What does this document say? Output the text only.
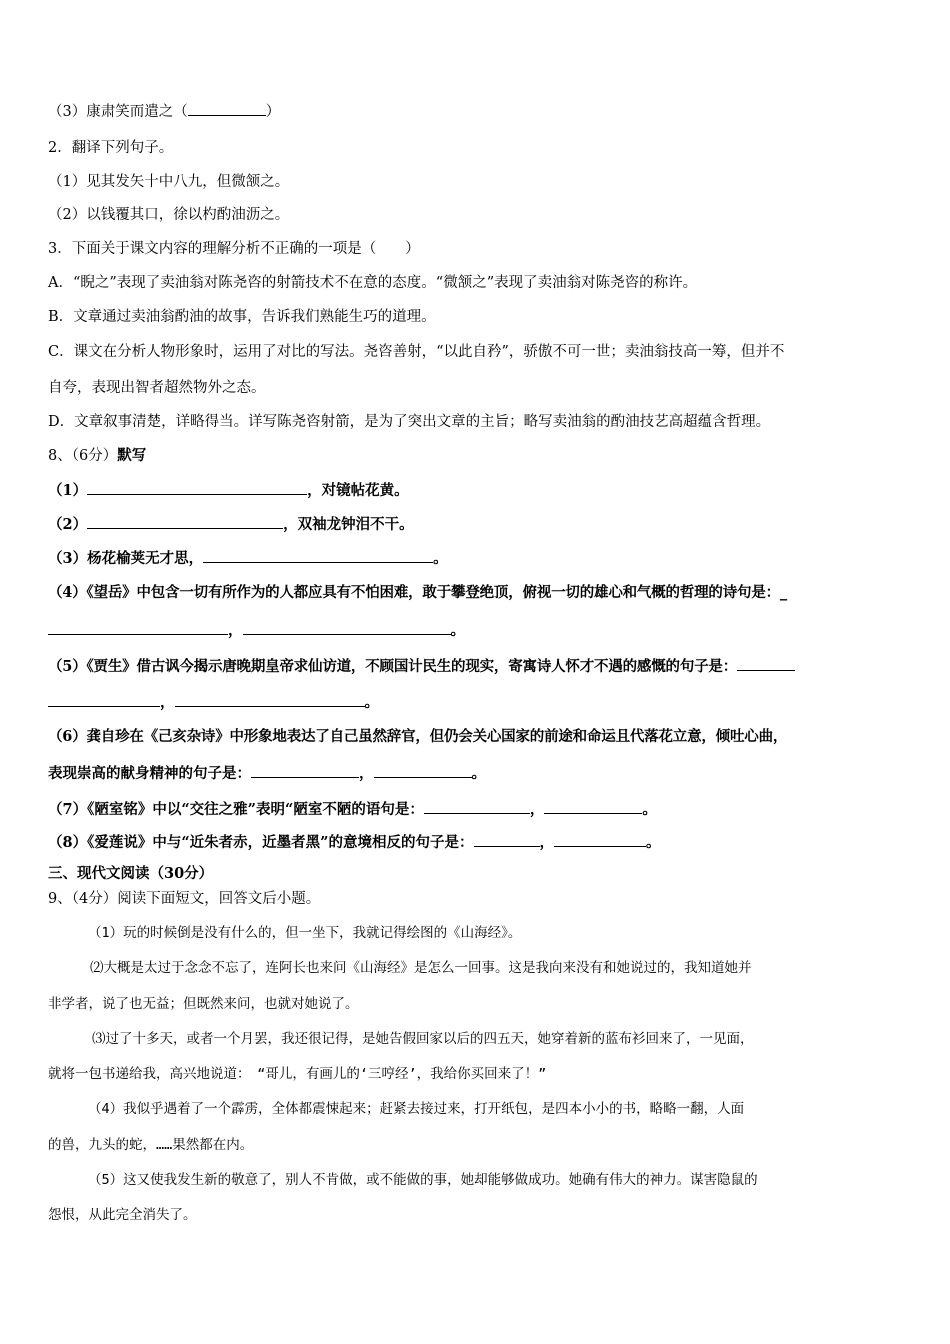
（3）康肃笑而遣之（	）
2．翻译下列句子。
（1）见其发矢十中八九，但微颔之。
（2）以钱覆其口，徐以杓酌油沥之。
3．下面关于课文内容的理解分析不正确的一项是（　　）
A．“睨之”表现了卖油翁对陈尧咨的射箭技术不在意的态度。“微颔之”表现了卖油翁对陈尧咨的称许。
B．文章通过卖油翁酌油的故事，告诉我们熟能生巧的道理。
C．课文在分析人物形象时，运用了对比的写法。尧咨善射，“以此自矜”，骄傲不可一世；卖油翁技高一筹，但并不
自夸，表现出智者超然物外之态。
D．文章叙事清楚，详略得当。详写陈尧咨射箭，是为了突出文章的主旨；略写卖油翁的酌油技艺高超蕴含哲理。
8、（6分）默写
（1）	，对镜帖花黄。
（2）	，双袖龙钟泪不干。
（3）杨花榆荚无才思，	。
（4）《望岳》中包含一切有所作为的人都应具有不怕困难，敢于攀登绝顶，俯视一切的雄心和气概的哲理的诗句是：_
，	。
（5）《贾生》借古讽今揭示唐晚期皇帝求仙访道，不顾国计民生的现实，寄寓诗人怀才不遇的感慨的句子是：
，	。
（6）龚自珍在《己亥杂诗》中形象地表达了自己虽然辞官，但仍会关心国家的前途和命运且代落花立意，倾吐心曲，
表现崇高的献身精神的句子是：	，	。
（7）《陋室铭》中以“交往之雅”表明“陋室不陋的语句是：	，	。
（8）《爱莲说》中与“近朱者赤，近墨者黑”的意境相反的句子是：	，	。
三、现代文阅读（30分）
9、（4分）阅读下面短文，回答文后小题。
（1）玩的时候倒是没有什么的，但一坐下，我就记得绘图的《山海经》。
⑵大概是太过于念念不忘了，连阿长也来问《山海经》是怎么一回事。这是我向来没有和她说过的，我知道她并
非学者，说了也无益；但既然来问，也就对她说了。
⑶过了十多天，或者一个月罢，我还很记得，是她告假回家以后的四五天，她穿着新的蓝布衫回来了，一见面，
就将一包书递给我，高兴地说道：　“哥儿，有画儿的‘三哼经’，我给你买回来了！”
（4）我似乎遇着了一个霹雳，全体都震悚起来；赶紧去接过来，打开纸包，是四本小小的书，略略一翻，人面
的兽，九头的蛇，……果然都在内。
（5）这又使我发生新的敬意了，别人不肯做，或不能做的事，她却能够做成功。她确有伟大的神力。谋害隐鼠的
怨恨，从此完全消失了。
